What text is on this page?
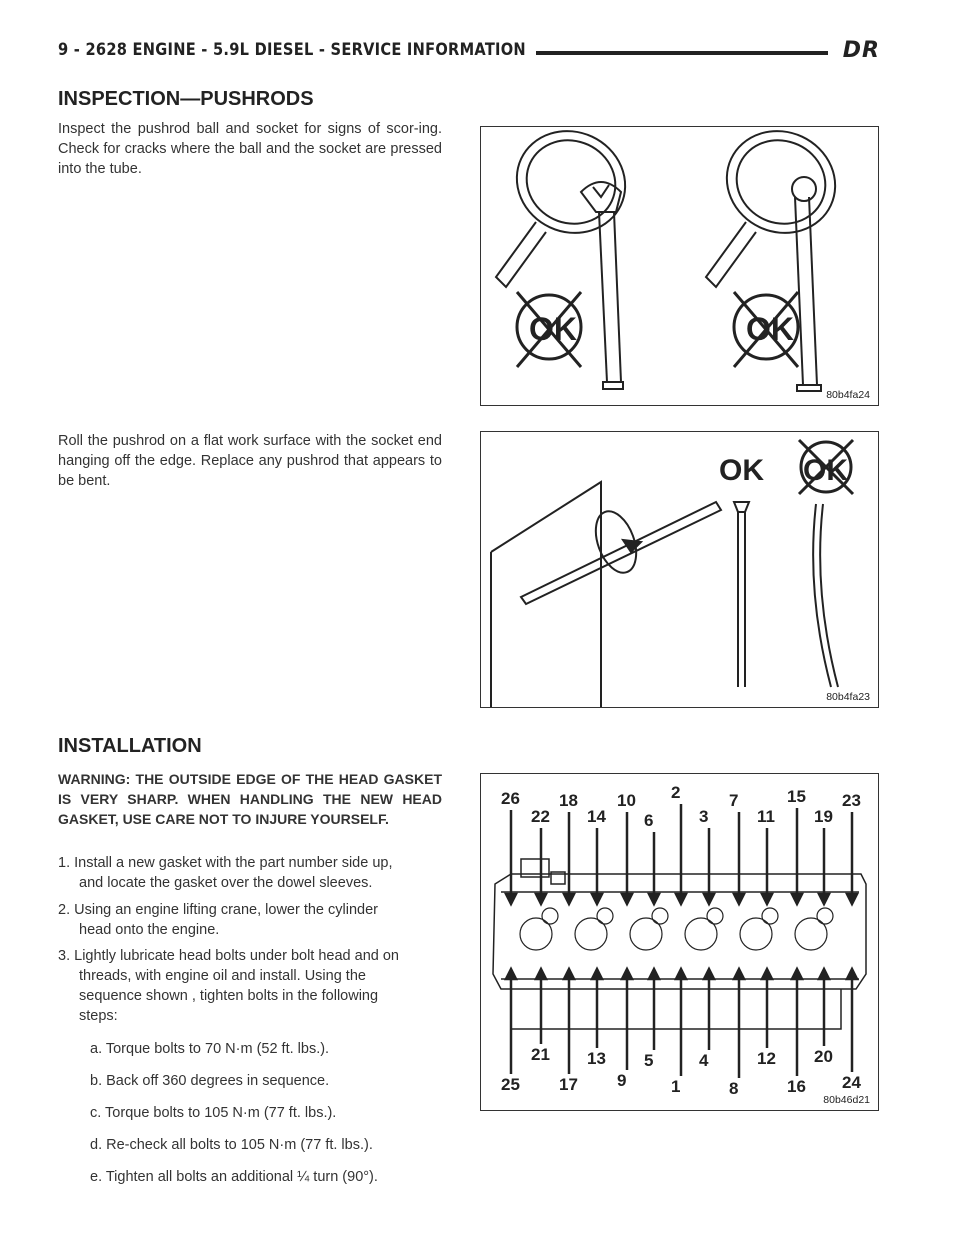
9 - 2628 ENGINE - 5.9L DIESEL - SERVICE INFORMATION	DR
INSPECTION—PUSHRODS

Inspect the pushrod ball and socket for signs of scor-ing. Check for cracks where the ball and the socket are pressed into the tube.

Roll the pushrod on a flat work surface with the socket end hanging off the edge. Replace any pushrod that appears to be bent.

OK	OK
80b4fa24
OK OK
80b4fa23
INSTALLATION

WARNING: THE OUTSIDE EDGE OF THE HEAD GASKET IS VERY SHARP. WHEN HANDLING THE NEW HEAD GASKET, USE CARE NOT TO INJURE YOURSELF.

1. Install a new gasket with the part number side up,
and locate the gasket over the dowel sleeves.
2. Using an engine lifting crane, lower the cylinder
head onto the engine.
3. Lightly lubricate head bolts under bolt head and on
threads, with engine oil and install. Using the
sequence shown , tighten bolts in the following
steps:
a. Torque bolts to 70 N·m (52 ft. lbs.).
b. Back off 360 degrees in sequence.
c. Torque bolts to 105 N·m (77 ft. lbs.).
d. Re-check all bolts to 105 N·m (77 ft. lbs.).
e. Tighten all bolts an additional ¼ turn (90°).
26
22
18
14
10
6
2
3
7
11
15
19
23
25
21
17
13
9
5
1
4
8
12
16
20
24
80b46d21
